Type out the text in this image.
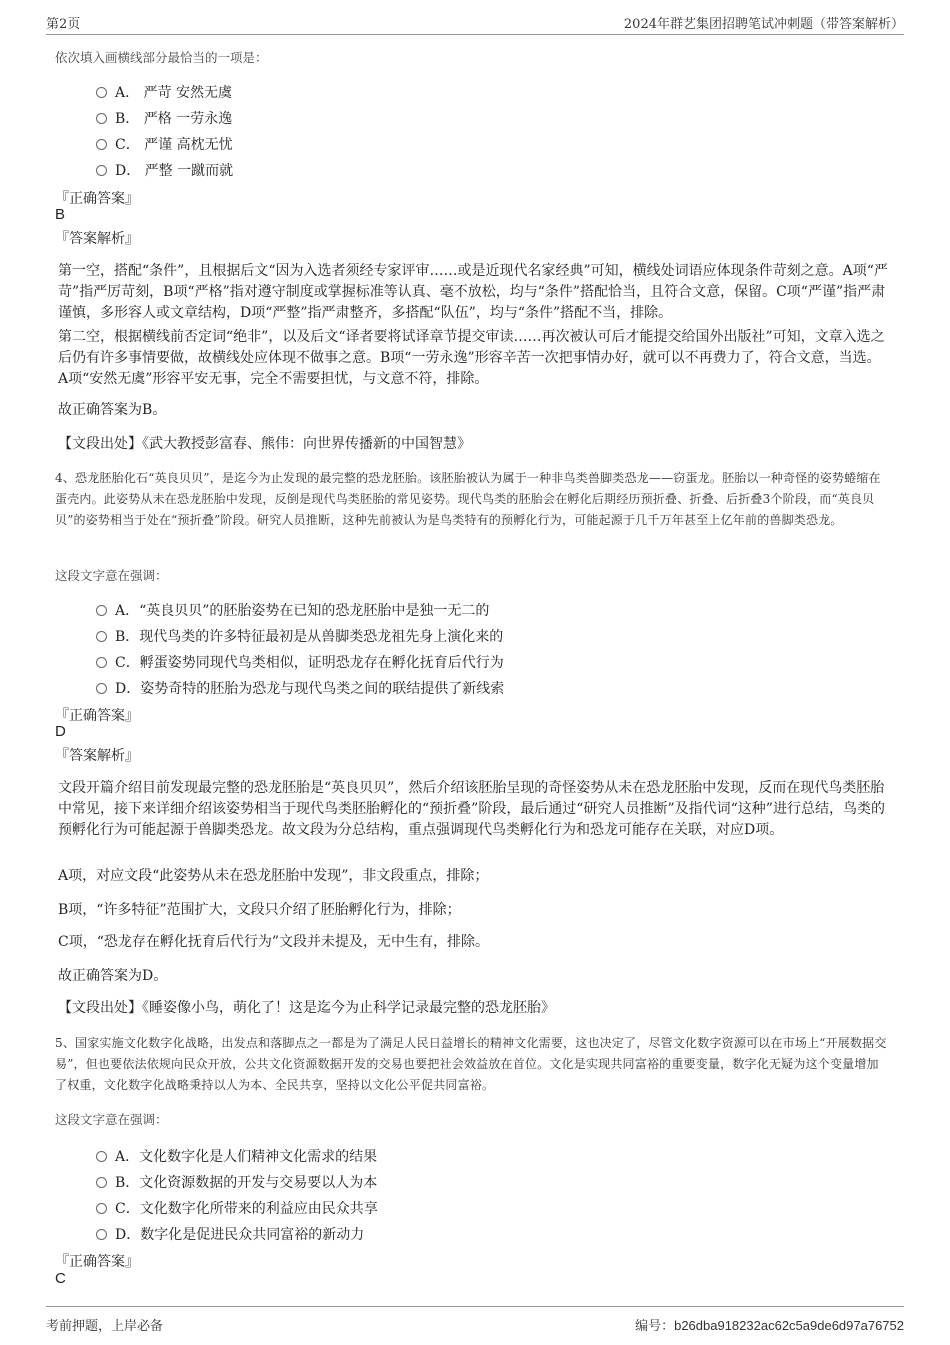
第2页	2024年群艺集团招聘笔试冲刺题（带答案解析）
依次填入画横线部分最恰当的一项是：
A． 严苛 安然无虞
B． 严格 一劳永逸
C． 严谨 高枕无忧
D． 严整 一蹴而就
『正确答案』
B
『答案解析』
第一空，搭配“条件”，且根据后文“因为入选者须经专家评审……或是近现代名家经典”可知，横线处词语应体现条件苛刻之意。A项“严苛”指严厉苛刻，B项“严格”指对遵守制度或掌握标准等认真、毫不放松，均与“条件”搭配恰当，且符合文意，保留。C项“严谨”指严肃谨慎，多形容人或文章结构，D项“严整”指严肃整齐，多搭配“队伍”，均与“条件”搭配不当，排除。
第二空，根据横线前否定词“绝非”，以及后文“译者要将试译章节提交审读……再次被认可后才能提交给国外出版社”可知，文章入选之后仍有许多事情要做，故横线处应体现不做事之意。B项“一劳永逸”形容辛苦一次把事情办好，就可以不再费力了，符合文意，当选。A项“安然无虞”形容平安无事，完全不需要担忧，与文意不符，排除。
故正确答案为B。
【文段出处】《武大教授彭富春、熊伟：向世界传播新的中国智慧》
4、恐龙胚胎化石“英良贝贝”，是迄今为止发现的最完整的恐龙胚胎。该胚胎被认为属于一种非鸟类兽脚类恐龙——窃蛋龙。胚胎以一种奇怪的姿势蜷缩在蛋壳内。此姿势从未在恐龙胚胎中发现，反倒是现代鸟类胚胎的常见姿势。现代鸟类的胚胎会在孵化后期经历预折叠、折叠、后折叠3个阶段，而“英良贝贝”的姿势相当于处在“预折叠”阶段。研究人员推断，这种先前被认为是鸟类特有的预孵化行为，可能起源于几千万年甚至上亿年前的兽脚类恐龙。
这段文字意在强调：
A．“英良贝贝”的胚胎姿势在已知的恐龙胚胎中是独一无二的
B．现代鸟类的许多特征最初是从兽脚类恐龙祖先身上演化来的
C．孵蛋姿势同现代鸟类相似，证明恐龙存在孵化抚育后代行为
D．姿势奇特的胚胎为恐龙与现代鸟类之间的联结提供了新线索
『正确答案』
D
『答案解析』
文段开篇介绍目前发现最完整的恐龙胚胎是“英良贝贝”，然后介绍该胚胎呈现的奇怪姿势从未在恐龙胚胎中发现，反而在现代鸟类胚胎中常见，接下来详细介绍该姿势相当于现代鸟类胚胎孵化的“预折叠”阶段，最后通过“研究人员推断”及指代词“这种”进行总结，鸟类的预孵化行为可能起源于兽脚类恐龙。故文段为分总结构，重点强调现代鸟类孵化行为和恐龙可能存在关联，对应D项。
A项，对应文段“此姿势从未在恐龙胚胎中发现”，非文段重点，排除；
B项，“许多特征”范围扩大，文段只介绍了胚胎孵化行为，排除；
C项，“恐龙存在孵化抚育后代行为”文段并未提及，无中生有，排除。
故正确答案为D。
【文段出处】《睡姿像小鸟，萌化了！这是迄今为止科学记录最完整的恐龙胚胎》
5、国家实施文化数字化战略，出发点和落脚点之一都是为了满足人民日益增长的精神文化需要，这也决定了，尽管文化数字资源可以在市场上“开展数据交易”，但也要依法依规向民众开放，公共文化资源数据开发的交易也要把社会效益放在首位。文化是实现共同富裕的重要变量，数字化无疑为这个变量增加了权重，文化数字化战略秉持以人为本、全民共享，坚持以文化公平促共同富裕。
这段文字意在强调：
A．文化数字化是人们精神文化需求的结果
B．文化资源数据的开发与交易要以人为本
C．文化数字化所带来的利益应由民众共享
D．数字化是促进民众共同富裕的新动力
『正确答案』
C
考前押题，上岸必备	编号：b26dba918232ac62c5a9de6d97a76752
